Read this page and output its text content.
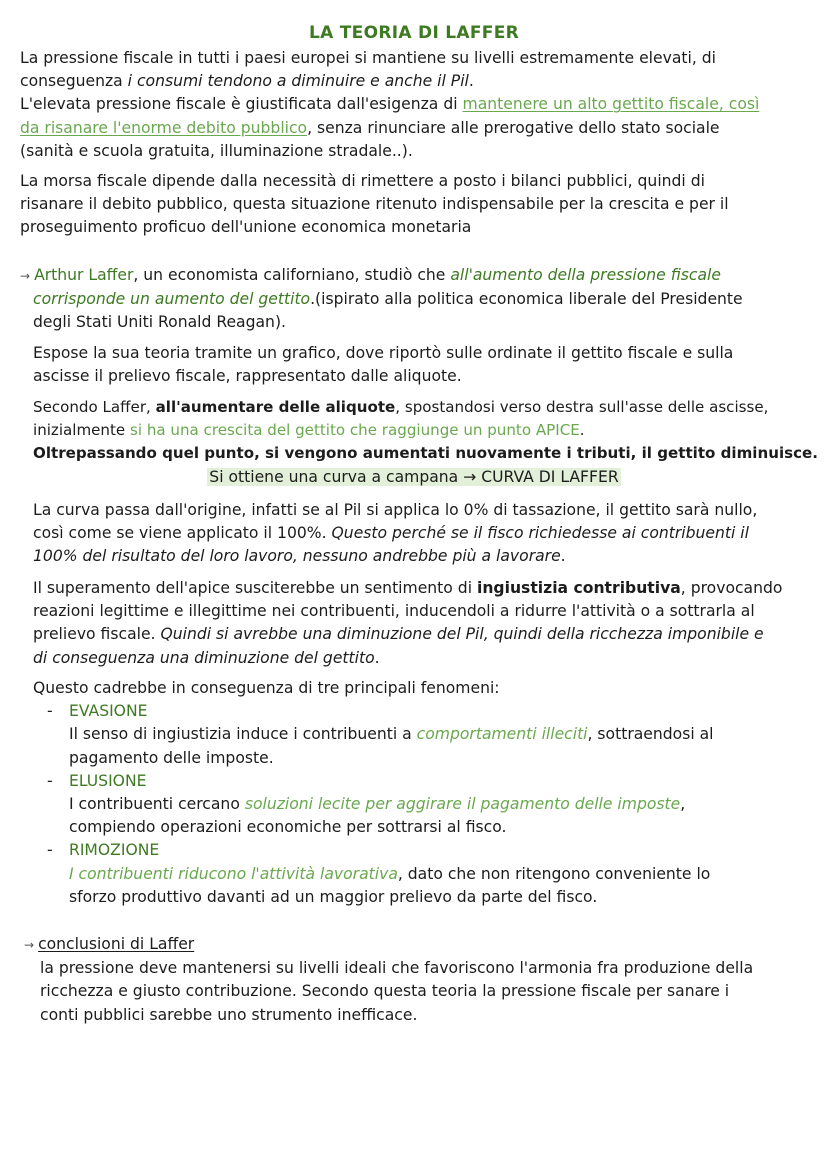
LA TEORIA DI LAFFER
La pressione fiscale in tutti i paesi europei si mantiene su livelli estremamente elevati, di
conseguenza i consumi tendono a diminuire e anche il Pil.
L'elevata pressione fiscale è giustificata dall'esigenza di mantenere un alto gettito fiscale, così
da risanare l'enorme debito pubblico, senza rinunciare alle prerogative dello stato sociale
(sanità e scuola gratuita, illuminazione stradale..).
La morsa fiscale dipende dalla necessità di rimettere a posto i bilanci pubblici, quindi di
risanare il debito pubblico, questa situazione ritenuto indispensabile per la crescita e per il
proseguimento proficuo dell'unione economica monetaria
→ Arthur Laffer, un economista californiano, studiò che all'aumento della pressione fiscale
corrisponde un aumento del gettito.(ispirato alla politica economica liberale del Presidente
degli Stati Uniti Ronald Reagan).
Espose la sua teoria tramite un grafico, dove riportò sulle ordinate il gettito fiscale e sulla
ascisse il prelievo fiscale, rappresentato dalle aliquote.
Secondo Laffer, all'aumentare delle aliquote, spostandosi verso destra sull'asse delle ascisse,
inizialmente si ha una crescita del gettito che raggiunge un punto APICE.
Oltrepassando quel punto, si vengono aumentati nuovamente i tributi, il gettito diminuisce.
Si ottiene una curva a campana → CURVA DI LAFFER
La curva passa dall'origine, infatti se al Pil si applica lo 0% di tassazione, il gettito sarà nullo,
così come se viene applicato il 100%. Questo perché se il fisco richiedesse ai contribuenti il
100% del risultato del loro lavoro, nessuno andrebbe più a lavorare.
Il superamento dell'apice susciterebbe un sentimento di ingiustizia contributiva, provocando
reazioni legittime e illegittime nei contribuenti, inducendoli a ridurre l'attività o a sottrarla al
prelievo fiscale. Quindi si avrebbe una diminuzione del Pil, quindi della ricchezza imponibile e
di conseguenza una diminuzione del gettito.
Questo cadrebbe in conseguenza di tre principali fenomeni:
- EVASIONE
Il senso di ingiustizia induce i contribuenti a comportamenti illeciti, sottraendosi al
pagamento delle imposte.
- ELUSIONE
I contribuenti cercano soluzioni lecite per aggirare il pagamento delle imposte,
compiendo operazioni economiche per sottrarsi al fisco.
- RIMOZIONE
I contribuenti riducono l'attività lavorativa, dato che non ritengono conveniente lo
sforzo produttivo davanti ad un maggior prelievo da parte del fisco.
→ conclusioni di Laffer
la pressione deve mantenersi su livelli ideali che favoriscono l'armonia fra produzione della
ricchezza e giusto contribuzione. Secondo questa teoria la pressione fiscale per sanare i
conti pubblici sarebbe uno strumento inefficace.
